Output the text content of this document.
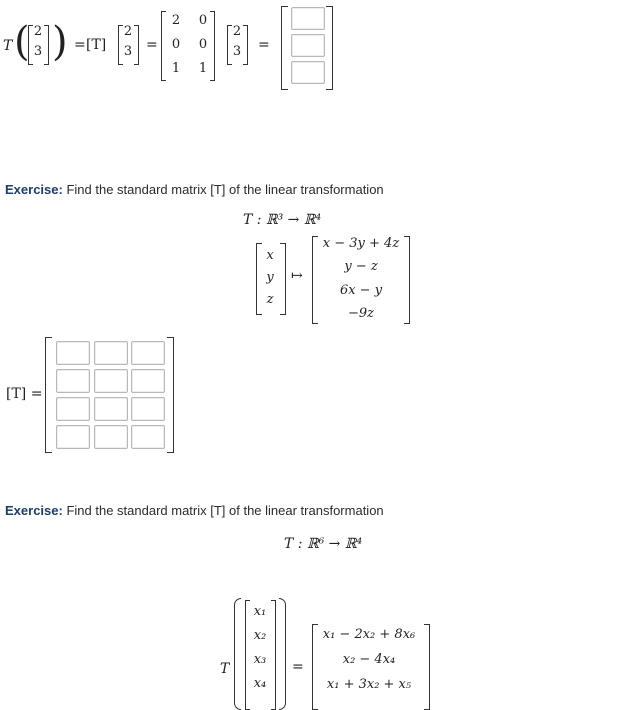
T ( 2
3 ) = [T]
2
3 =
2 0
0 0
1 1
2
3 =
Exercise: Find the standard matrix [T] of the linear transformation
T : ℝ³ → ℝ⁴
x
y
z
↦
x − 3y + 4z
y − z
6x − y
−9z
[T] =
Exercise: Find the standard matrix [T] of the linear transformation
T : ℝ⁶ → ℝ⁴
T
x₁
x₂
x₃
x₄
=
x₁ − 2x₂ + 8x₆
x₂ − 4x₄
x₁ + 3x₂ + x₅
